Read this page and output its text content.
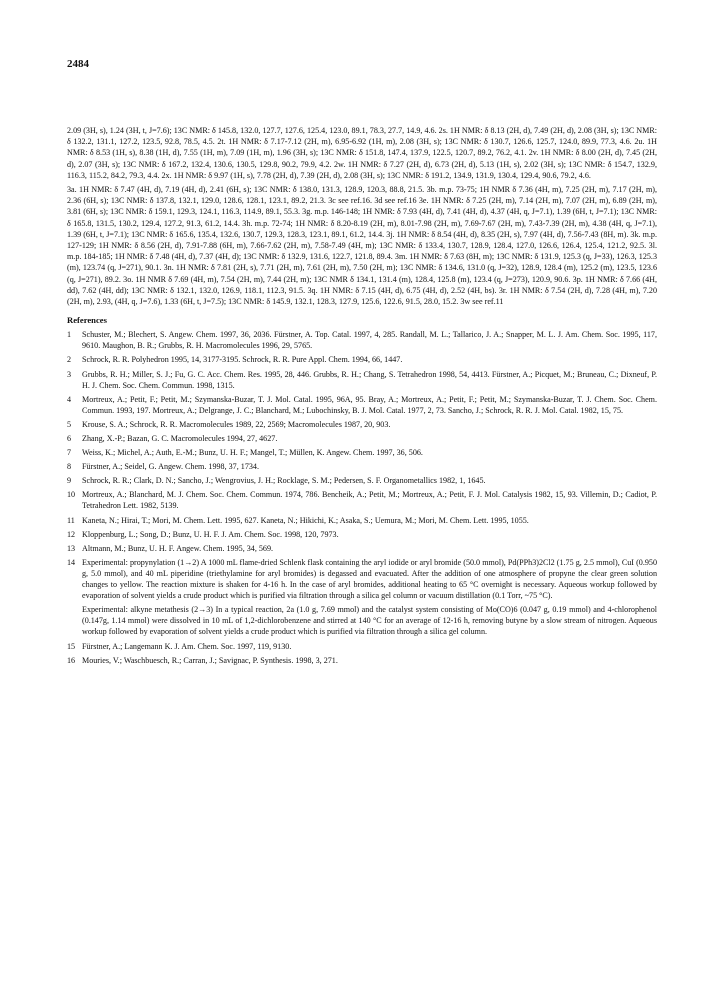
2484

2.09 (3H, s), 1.24 (3H, t, J=7.6); 13C NMR: δ 145.8, 132.0, 127.7, 127.6, 125.4, 123.0, 89.1, 78.3, 27.7, 14.9, 4.6. 2s. 1H NMR: δ 8.13 (2H, d), 7.49 (2H, d), 2.08 (3H, s); 13C NMR: δ 132.2, 131.1, 127.2, 123.5, 92.8, 78.5, 4.5. 2t. 1H NMR: δ 7.17-7.12 (2H, m), 6.95-6.92 (1H, m), 2.08 (3H, s); 13C NMR: δ 130.7, 126.6, 125.7, 124.0, 89.9, 77.3, 4.6. 2u. 1H NMR: δ 8.53 (1H, s), 8.38 (1H, d), 7.55 (1H, m), 7.09 (1H, m), 1.96 (3H, s); 13C NMR: δ 151.8, 147.4, 137.9, 122.5, 120.7, 89.2, 76.2, 4.1. 2v. 1H NMR: δ 8.00 (2H, d), 7.45 (2H, d), 2.07 (3H, s); 13C NMR: δ 167.2, 132.4, 130.6, 130.5, 129.8, 90.2, 79.9, 4.2. 2w. 1H NMR: δ 7.27 (2H, d), 6.73 (2H, d), 5.13 (1H, s), 2.02 (3H, s); 13C NMR: δ 154.7, 132.9, 116.3, 115.2, 84.2, 79.3, 4.4. 2x. 1H NMR: δ 9.97 (1H, s), 7.78 (2H, d), 7.39 (2H, d), 2.08 (3H, s); 13C NMR: δ 191.2, 134.9, 131.9, 130.4, 129.4, 90.6, 79.2, 4.6.

3a. 1H NMR: δ 7.47 (4H, d), 7.19 (4H, d), 2.41 (6H, s); 13C NMR: δ 138.0, 131.3, 128.9, 120.3, 88.8, 21.5. 3b. m.p. 73-75; 1H NMR δ 7.36 (4H, m), 7.25 (2H, m), 7.17 (2H, m), 2.36 (6H, s); 13C NMR: δ 137.8, 132.1, 129.0, 128.6, 128.1, 123.1, 89.2, 21.3. 3c see ref.16. 3d see ref.16 3e. 1H NMR: δ 7.25 (2H, m), 7.14 (2H, m), 7.07 (2H, m), 6.89 (2H, m), 3.81 (6H, s); 13C NMR: δ 159.1, 129.3, 124.1, 116.3, 114.9, 89.1, 55.3. 3g. m.p. 146-148; 1H NMR: δ 7.93 (4H, d), 7.41 (4H, d), 4.37 (4H, q, J=7.1), 1.39 (6H, t, J=7.1); 13C NMR: δ 165.8, 131.5, 130.2, 129.4, 127.2, 91.3, 61.2, 14.4. 3h. m.p. 72-74; 1H NMR: δ 8.20-8.19 (2H, m), 8.01-7.98 (2H, m), 7.69-7.67 (2H, m), 7.43-7.39 (2H, m), 4.38 (4H, q, J=7.1), 1.39 (6H, t, J=7.1); 13C NMR: δ 165.6, 135.4, 132.6, 130.7, 129.3, 128.3, 123.1, 89.1, 61.2, 14.4. 3j. 1H NMR: δ 8.54 (4H, d), 8.35 (2H, s), 7.97 (4H, d), 7.56-7.43 (8H, m). 3k. m.p. 127-129; 1H NMR: δ 8.56 (2H, d), 7.91-7.88 (6H, m), 7.66-7.62 (2H, m), 7.58-7.49 (4H, m); 13C NMR: δ 133.4, 130.7, 128.9, 128.4, 127.0, 126.6, 126.4, 125.4, 121.2, 92.5. 3l. m.p. 184-185; 1H NMR: δ 7.48 (4H, d), 7.37 (4H, d); 13C NMR: δ 132.9, 131.6, 122.7, 121.8, 89.4. 3m. 1H NMR: δ 7.63 (8H, m); 13C NMR: δ 131.9, 125.3 (q, J=33), 126.3, 125.3 (m), 123.74 (q, J=271), 90.1. 3n. 1H NMR: δ 7.81 (2H, s), 7.71 (2H, m), 7.61 (2H, m), 7.50 (2H, m); 13C NMR: δ 134.6, 131.0 (q, J=32), 128.9, 128.4 (m), 125.2 (m), 123.5, 123.6 (q, J=271), 89.2. 3o. 1H NMR δ 7.69 (4H, m), 7.54 (2H, m), 7.44 (2H, m); 13C NMR δ 134.1, 131.4 (m), 128.4, 125.8 (m), 123.4 (q, J=273), 120.9, 90.6. 3p. 1H NMR: δ 7.66 (4H, dd), 7.62 (4H, dd); 13C NMR: δ 132.1, 132.0, 126.9, 118.1, 112.3, 91.5. 3q. 1H NMR: δ 7.15 (4H, d), 6.75 (4H, d), 2.52 (4H, bs). 3r. 1H NMR: δ 7.54 (2H, d), 7.28 (4H, m), 7.20 (2H, m), 2.93, (4H, q, J=7.6), 1.33 (6H, t, J=7.5); 13C NMR: δ 145.9, 132.1, 128.3, 127.9, 125.6, 122.6, 91.5, 28.0, 15.2. 3w see ref.11

References
1	Schuster, M.; Blechert, S. Angew. Chem. 1997, 36, 2036. Fürstner, A. Top. Catal. 1997, 4, 285. Randall, M. L.; Tallarico, J. A.; Snapper, M. L. J. Am. Chem. Soc. 1995, 117, 9610. Maughon, B. R.; Grubbs, R. H. Macromolecules 1996, 29, 5765.
2	Schrock, R. R. Polyhedron 1995, 14, 3177-3195. Schrock, R. R. Pure Appl. Chem. 1994, 66, 1447.
3	Grubbs, R. H.; Miller, S. J.; Fu, G. C. Acc. Chem. Res. 1995, 28, 446. Grubbs, R. H.; Chang, S. Tetrahedron 1998, 54, 4413. Fürstner, A.; Picquet, M.; Bruneau, C.; Dixneuf, P. H. J. Chem. Soc. Chem. Commun. 1998, 1315.
4	Mortreux, A.; Petit, F.; Petit, M.; Szymanska-Buzar, T. J. Mol. Catal. 1995, 96A, 95. Bray, A.; Mortreux, A.; Petit, F.; Petit, M.; Szymanska-Buzar, T. J. Chem. Soc. Chem. Commun. 1993, 197. Mortreux, A.; Delgrange, J. C.; Blanchard, M.; Lubochinsky, B. J. Mol. Catal. 1977, 2, 73. Sancho, J.; Schrock, R. R. J. Mol. Catal. 1982, 15, 75.
5	Krouse, S. A.; Schrock, R. R. Macromolecules 1989, 22, 2569; Macromolecules 1987, 20, 903.
6	Zhang, X.-P.; Bazan, G. C. Macromolecules 1994, 27, 4627.
7	Weiss, K.; Michel, A.; Auth, E.-M.; Bunz, U. H. F.; Mangel, T.; Müllen, K. Angew. Chem. 1997, 36, 506.
8	Fürstner, A.; Seidel, G. Angew. Chem. 1998, 37, 1734.
9	Schrock, R. R.; Clark, D. N.; Sancho, J.; Wengrovius, J. H.; Rocklage, S. M.; Pedersen, S. F. Organometallics 1982, 1, 1645.
10 Mortreux, A.; Blanchard, M. J. Chem. Soc. Chem. Commun. 1974, 786. Bencheik, A.; Petit, M.; Mortreux, A.; Petit, F. J. Mol. Catalysis 1982, 15, 93. Villemin, D.; Cadiot, P. Tetrahedron Lett. 1982, 5139.
11 Kaneta, N.; Hirai, T.; Mori, M. Chem. Lett. 1995, 627. Kaneta, N.; Hikichi, K.; Asaka, S.; Uemura, M.; Mori, M. Chem. Lett. 1995, 1055.
12 Kloppenburg, L.; Song, D.; Bunz, U. H. F. J. Am. Chem. Soc. 1998, 120, 7973.
13 Altmann, M.; Bunz, U. H. F. Angew. Chem. 1995, 34, 569.
14 Experimental: propynylation (1→2) A 1000 mL flame-dried Schlenk flask containing the aryl iodide or aryl bromide (50.0 mmol), Pd(PPh3)2Cl2 (1.75 g, 2.5 mmol), CuI (0.950 g, 5.0 mmol), and 40 mL piperidine (triethylamine for aryl bromides) is degassed and evacuated. After the addition of one atmosphere of propyne the clear green solution changes to yellow. The reaction mixture is shaken for 4-16 h. In the case of aryl bromides, additional heating to 65 °C overnight is necessary. Aqueous workup followed by evaporation of solvent yields a crude product which is purified via filtration through a silica gel column or vacuum distillation (0.1 Torr, ~75 °C).
Experimental: alkyne metathesis (2→3) In a typical reaction, 2a (1.0 g, 7.69 mmol) and the catalyst system consisting of Mo(CO)6 (0.047 g, 0.19 mmol) and 4-chlorophenol (0.147g, 1.14 mmol) were dissolved in 10 mL of 1,2-dichlorobenzene and stirred at 140 °C for an average of 12-16 h, removing butyne by a slow stream of nitrogen. Aqueous workup followed by evaporation of solvent yields a crude product which is purified via filtration through a silica gel column.
15 Fürstner, A.; Langemann K. J. Am. Chem. Soc. 1997, 119, 9130.
16 Mouries, V.; Waschbuesch, R.; Carran, J.; Savignac, P. Synthesis. 1998, 3, 271.
